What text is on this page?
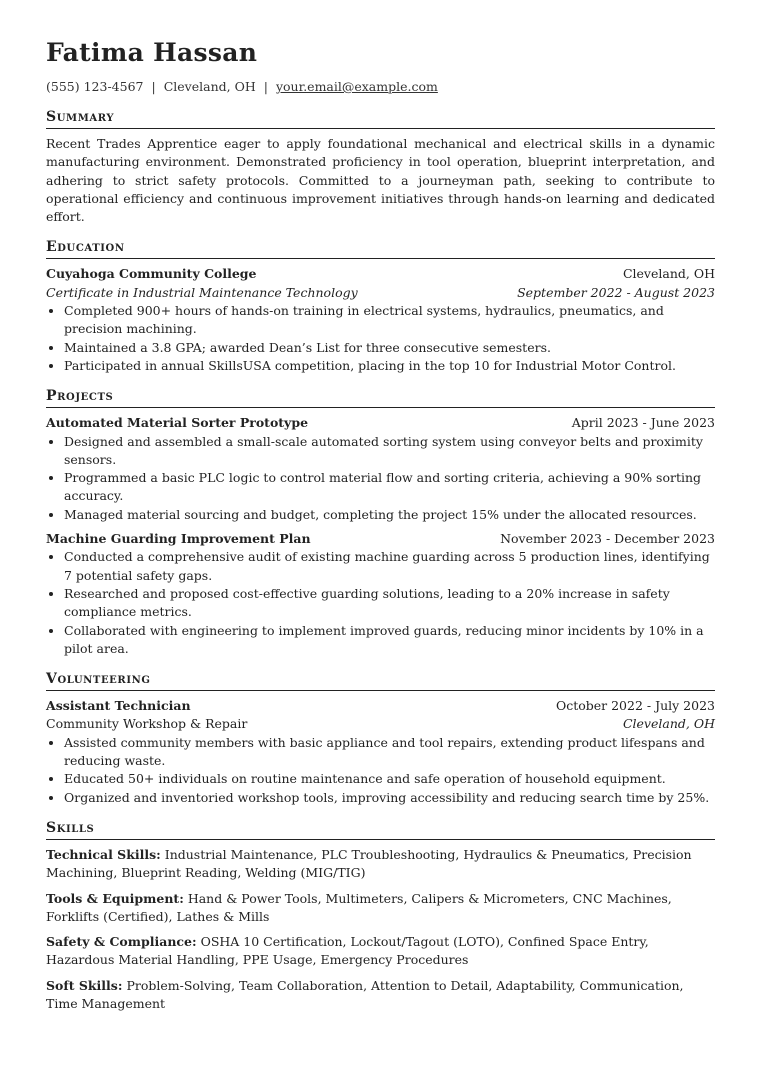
Fatima Hassan
(555) 123-4567 | Cleveland, OH | your.email@example.com
Summary

Recent Trades Apprentice eager to apply foundational mechanical and electrical skills in a dynamic manufacturing environment. Demonstrated proficiency in tool operation, blueprint interpretation, and adhering to strict safety protocols. Committed to a journeyman path, seeking to contribute to operational efficiency and continuous improvement initiatives through hands-on learning and dedicated effort.

Education
Cuyahoga Community College	Cleveland, OH
Certificate in Industrial Maintenance Technology	September 2022 - August 2023
• Completed 900+ hours of hands-on training in electrical systems, hydraulics, pneumatics, and precision machining.
• Maintained a 3.8 GPA; awarded Dean’s List for three consecutive semesters.
• Participated in annual SkillsUSA competition, placing in the top 10 for Industrial Motor Control.
Projects
Automated Material Sorter Prototype	April 2023 - June 2023
• Designed and assembled a small-scale automated sorting system using conveyor belts and proximity sensors.
• Programmed a basic PLC logic to control material flow and sorting criteria, achieving a 90% sorting accuracy.
• Managed material sourcing and budget, completing the project 15% under the allocated resources.
Machine Guarding Improvement Plan	November 2023 - December 2023
• Conducted a comprehensive audit of existing machine guarding across 5 production lines, identifying 7 potential safety gaps.
• Researched and proposed cost-effective guarding solutions, leading to a 20% increase in safety compliance metrics.
• Collaborated with engineering to implement improved guards, reducing minor incidents by 10% in a pilot area.
Volunteering
Assistant Technician	October 2022 - July 2023
Community Workshop & Repair	Cleveland, OH
• Assisted community members with basic appliance and tool repairs, extending product lifespans and reducing waste.
• Educated 50+ individuals on routine maintenance and safe operation of household equipment.
• Organized and inventoried workshop tools, improving accessibility and reducing search time by 25%.
Skills

Technical Skills: Industrial Maintenance, PLC Troubleshooting, Hydraulics & Pneumatics, Precision Machining, Blueprint Reading, Welding (MIG/TIG)

Tools & Equipment: Hand & Power Tools, Multimeters, Calipers & Micrometers, CNC Machines, Forklifts (Certified), Lathes & Mills

Safety & Compliance: OSHA 10 Certification, Lockout/Tagout (LOTO), Confined Space Entry, Hazardous Material Handling, PPE Usage, Emergency Procedures

Soft Skills: Problem-Solving, Team Collaboration, Attention to Detail, Adaptability, Communication, Time Management
